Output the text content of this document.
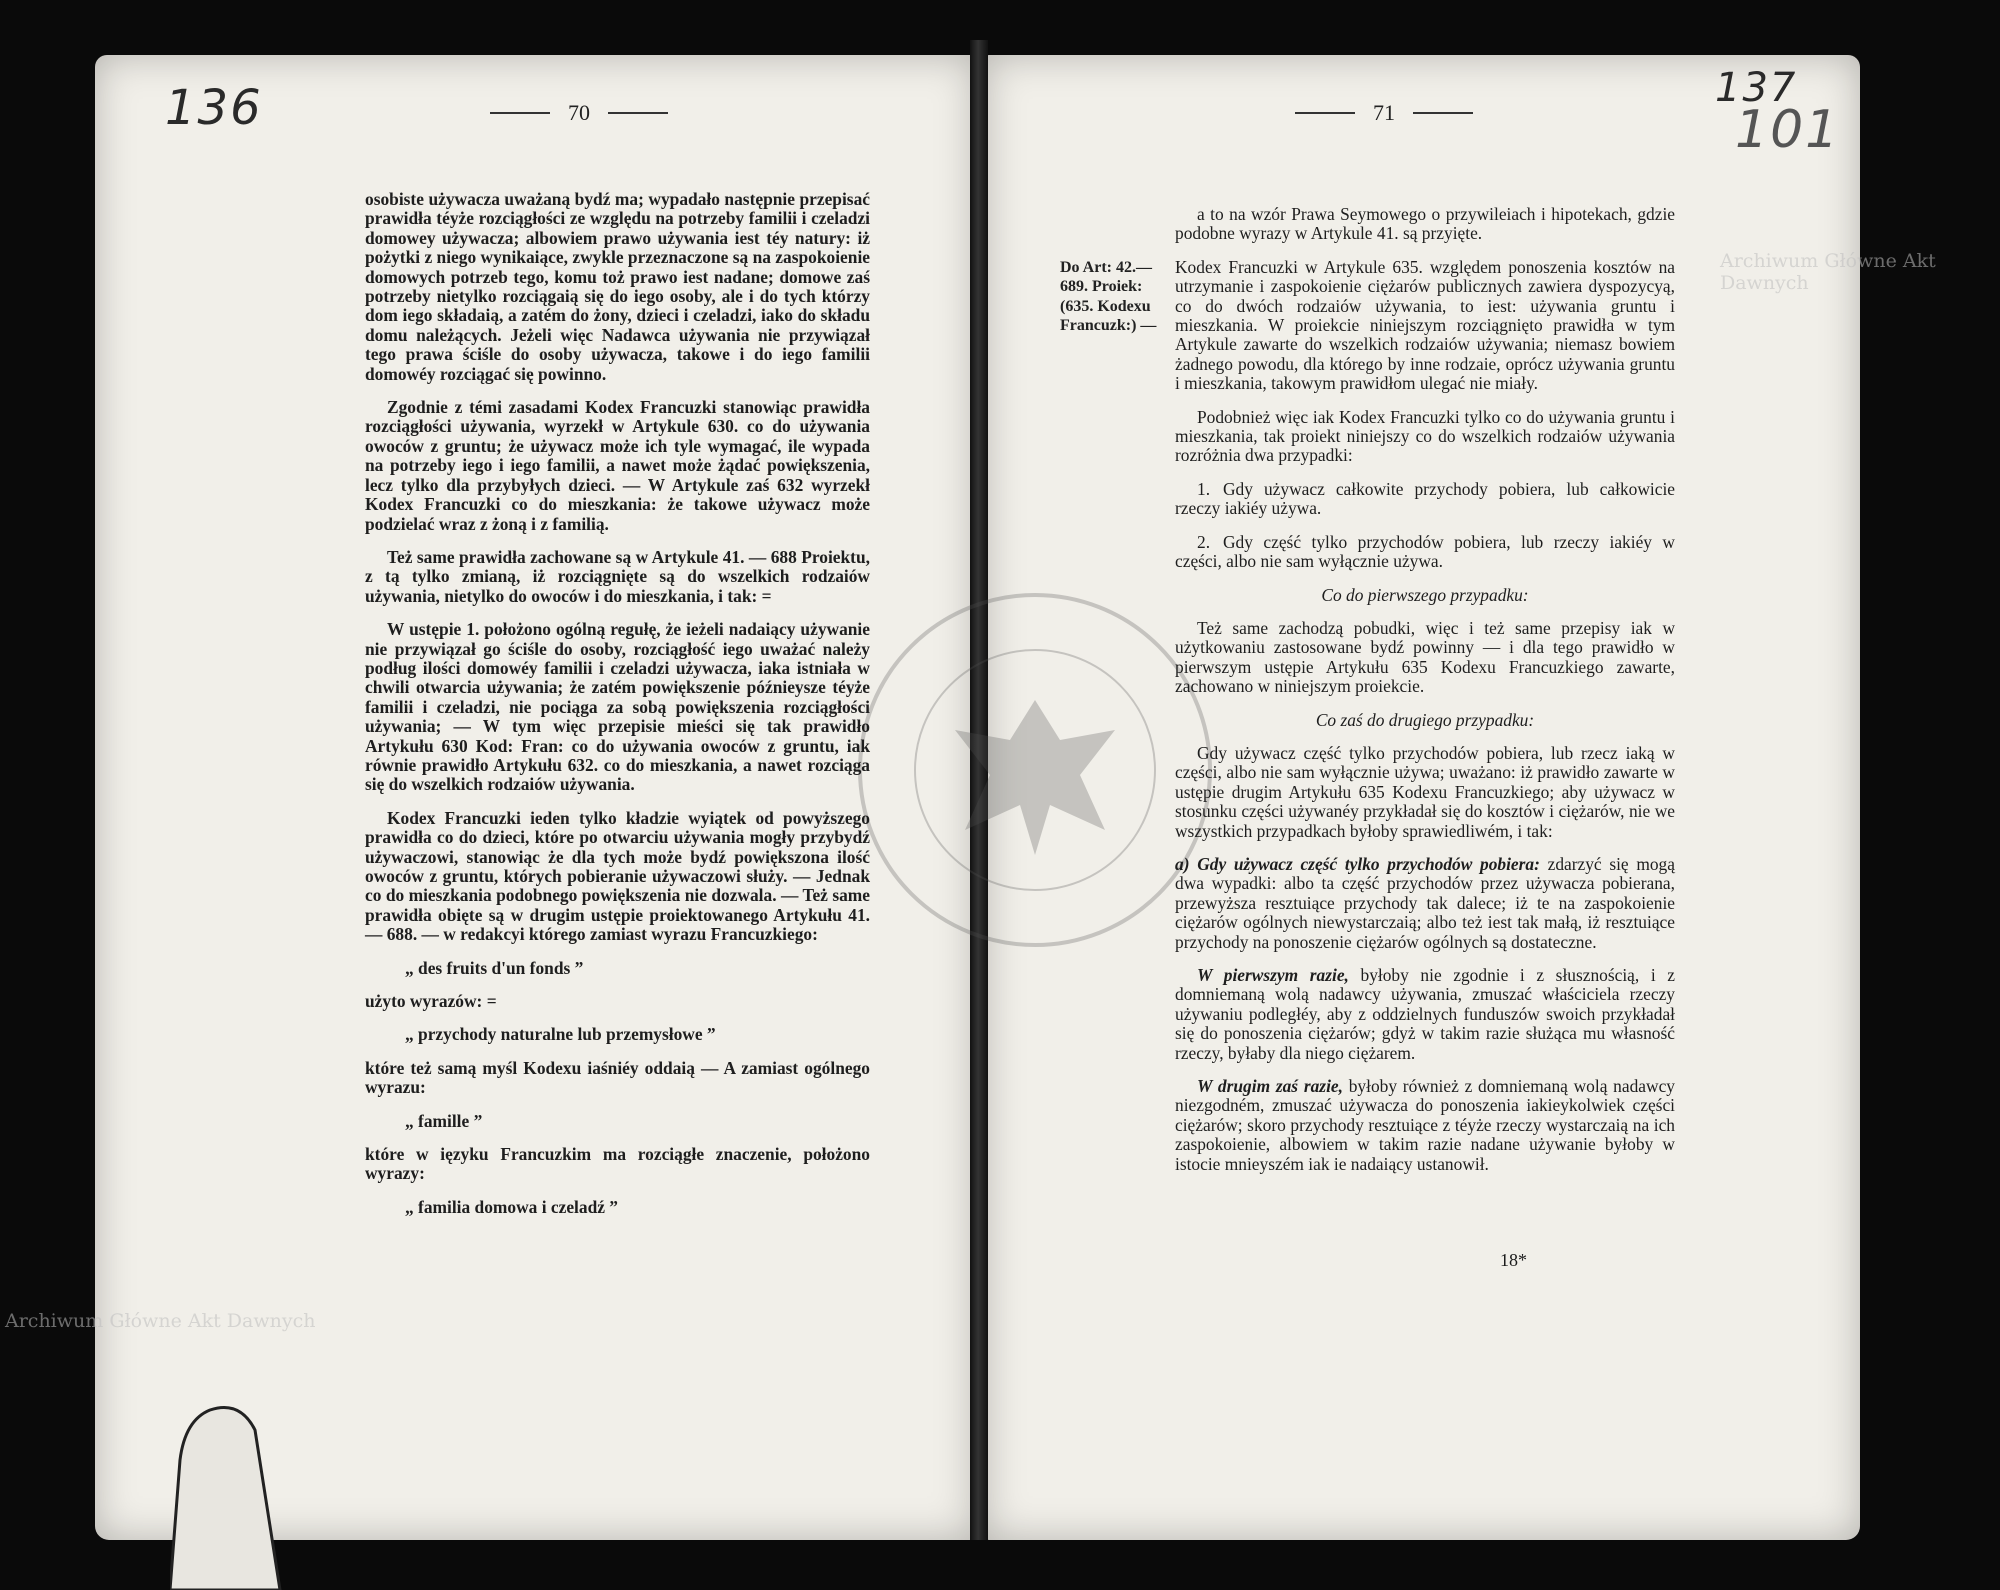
136	137
101
70	71

osobiste używacza uważaną bydź ma; wypadało następnie przepisać prawidła téyże rozciągłości ze względu na potrzeby familii i czeladzi domowey używacza; albowiem prawo używania iest téy natury: iż pożytki z niego wynikaiące, zwykle przeznaczone są na zaspokoienie domowych potrzeb tego, komu toż prawo iest nadane; domowe zaś potrzeby nietylko rozciągaią się do iego osoby, ale i do tych którzy dom iego składaią, a zatém do żony, dzieci i czeladzi, iako do składu domu należących. Jeżeli więc Nadawca używania nie przywiązał tego prawa ściśle do osoby używacza, takowe i do iego familii domowéy rozciągać się powinno.

Zgodnie z témi zasadami Kodex Francuzki stanowiąc prawidła rozciągłości używania, wyrzekł w Artykule 630. co do używania owoców z gruntu; że używacz może ich tyle wymagać, ile wypada na potrzeby iego i iego familii, a nawet może żądać powiększenia, lecz tylko dla przybyłych dzieci. — W Artykule zaś 632 wyrzekł Kodex Francuzki co do mieszkania: że takowe używacz może podzielać wraz z żoną i z familią.

Też same prawidła zachowane są w Artykule 41. — 688 Proiektu, z tą tylko zmianą, iż rozciągnięte są do wszelkich rodzaiów używania, nietylko do owoców i do mieszkania, i tak: =

W ustępie 1. położono ogólną regułę, że ieżeli nadaiący używanie nie przywiązał go ściśle do osoby, rozciągłość iego uważać należy podług ilości domowéy familii i czeladzi używacza, iaka istniała w chwili otwarcia używania; że zatém powiększenie późnieysze téyże familii i czeladzi, nie pociąga za sobą powiększenia rozciągłości używania; — W tym więc przepisie mieści się tak prawidło Artykułu 630 Kod: Fran: co do używania owoców z gruntu, iak równie prawidło Artykułu 632. co do mieszkania, a nawet rozciąga się do wszelkich rodzaiów używania.

Kodex Francuzki ieden tylko kładzie wyiątek od powyższego prawidła co do dzieci, które po otwarciu używania mogły przybydź używaczowi, stanowiąc że dla tych może bydź powiększona ilość owoców z gruntu, których pobieranie używaczowi służy. — Jednak co do mieszkania podobnego powiększenia nie dozwala. — Też same prawidła obięte są w drugim ustępie proiektowanego Artykułu 41. — 688. — w redakcyi którego zamiast wyrazu Francuzkiego:

„ des fruits d'un fonds ”

użyto wyrazów: =

„ przychody naturalne lub przemysłowe ”

które też samą myśl Kodexu iaśniéy oddaią — A zamiast ogólnego wyrazu:

„ famille ”

które w ięzyku Francuzkim ma rozciągłe znaczenie, położono wyrazy:

„ familia domowa i czeladź ”

a to na wzór Prawa Seymowego o przywileiach i hipotekach, gdzie podobne wyrazy w Artykule 41. są przyięte.

Kodex Francuzki w Artykule 635. względem ponoszenia kosztów na utrzymanie i zaspokoienie ciężarów publicznych zawiera dyspozycyą, co do dwóch rodzaiów używania, to iest: używania gruntu i mieszkania. W proiekcie niniejszym rozciągnięto prawidła w tym Artykule zawarte do wszelkich rodzaiów używania; niemasz bowiem żadnego powodu, dla którego by inne rodzaie, oprócz używania gruntu i mieszkania, takowym prawidłom ulegać nie miały.

Podobnież więc iak Kodex Francuzki tylko co do używania gruntu i mieszkania, tak proiekt niniejszy co do wszelkich rodzaiów używania rozróżnia dwa przypadki:

1. Gdy używacz całkowite przychody pobiera, lub całkowicie rzeczy iakiéy używa.

2. Gdy część tylko przychodów pobiera, lub rzeczy iakiéy w części, albo nie sam wyłącznie używa.

Co do pierwszego przypadku:

Też same zachodzą pobudki, więc i też same przepisy iak w użytkowaniu zastosowane bydź powinny — i dla tego prawidło w pierwszym ustępie Artykułu 635 Kodexu Francuzkiego zawarte, zachowano w niniejszym proiekcie.

Co zaś do drugiego przypadku:

Gdy używacz część tylko przychodów pobiera, lub rzecz iaką w części, albo nie sam wyłącznie używa; uważano: iż prawidło zawarte w ustępie drugim Artykułu 635 Kodexu Francuzkiego; aby używacz w stosunku części używanéy przykładał się do kosztów i ciężarów, nie we wszystkich przypadkach byłoby sprawiedliwém, i tak:

a) Gdy używacz część tylko przychodów pobiera: zdarzyć się mogą dwa wypadki: albo ta część przychodów przez używacza pobierana, przewyższa resztuiące przychody tak dalece; iż te na zaspokoienie ciężarów ogólnych niewystarczaią; albo też iest tak małą, iż resztuiące przychody na ponoszenie ciężarów ogólnych są dostateczne.

W pierwszym razie, byłoby nie zgodnie i z słusznością, i z domniemaną wolą nadawcy używania, zmuszać właściciela rzeczy używaniu podległéy, aby z oddzielnych funduszów swoich przykładał się do ponoszenia ciężarów; gdyż w takim razie służąca mu własność rzeczy, byłaby dla niego ciężarem.

W drugim zaś razie, byłoby również z domniemaną wolą nadawcy niezgodném, zmuszać używacza do ponoszenia iakieykolwiek części ciężarów; skoro przychody resztuiące z téyże rzeczy wystarczaią na ich zaspokoienie, albowiem w takim razie nadane używanie byłoby w istocie mnieyszém iak ie nadaiący ustanowił.

Do Art: 42.— 689. Proiek: (635. Kodexu Francuzk:) —
18*
Archiwum Główne Akt Dawnych
Archiwum Główne Akt Dawnych
